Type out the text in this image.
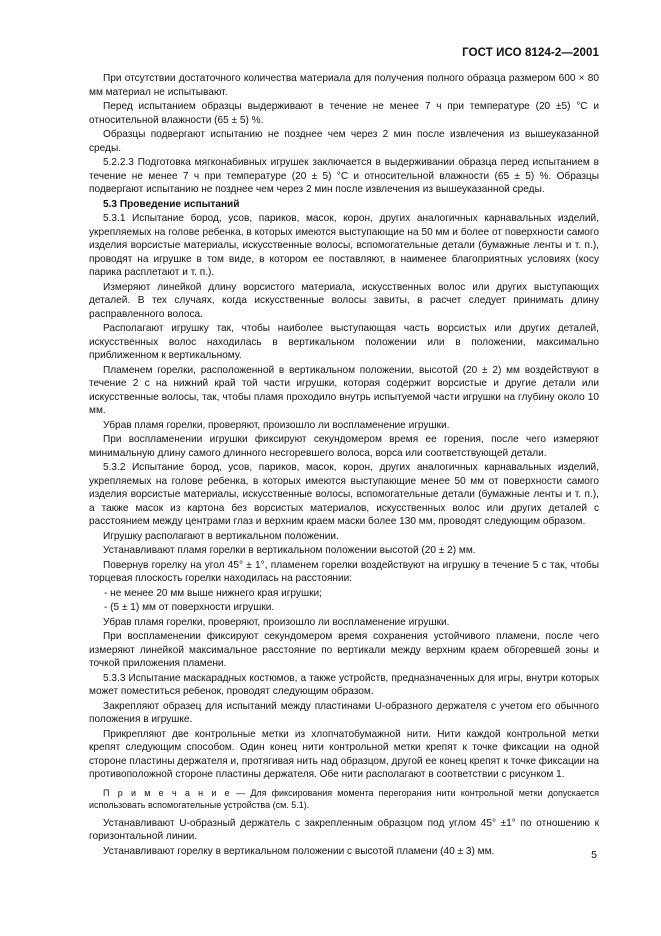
ГОСТ ИСО 8124-2—2001

При отсутствии достаточного количества материала для получения полного образца размером 600 × 80 мм материал не испытывают.

Перед испытанием образцы выдерживают в течение не менее 7 ч при температуре (20 ±5) °С и относительной влажности (65 ± 5) %.

Образцы подвергают испытанию не позднее чем через 2 мин после извлечения из вышеуказанной среды.

5.2.2.3 Подготовка мягконабивных игрушек заключается в выдерживании образца перед испытанием в течение не менее 7 ч при температуре (20 ± 5) °С и относительной влажности (65 ± 5) %. Образцы подвергают испытанию не позднее чем через 2 мин после извлечения из вышеуказанной среды.

5.3 Проведение испытаний

5.3.1 Испытание бород, усов, париков, масок, корон, других аналогичных карнавальных изделий, укрепляемых на голове ребенка, в которых имеются выступающие на 50 мм и более от поверхности самого изделия ворсистые материалы, искусственные волосы, вспомогательные детали (бумажные ленты и т. п.), проводят на игрушке в том виде, в котором ее поставляют, в наименее благоприятных условиях (косу парика расплетают и т. п.).

Измеряют линейкой длину ворсистого материала, искусственных волос или других выступающих деталей. В тех случаях, когда искусственные волосы завиты, в расчет следует принимать длину расправленного волоса.

Располагают игрушку так, чтобы наиболее выступающая часть ворсистых или других деталей, искусственных волос находилась в вертикальном положении или в положении, максимально приближенном к вертикальному.

Пламенем горелки, расположенной в вертикальном положении, высотой (20 ± 2) мм воздействуют в течение 2 с на нижний край той части игрушки, которая содержит ворсистые и другие детали или искусственные волосы, так, чтобы пламя проходило внутрь испытуемой части игрушки на глубину около 10 мм.

Убрав пламя горелки, проверяют, произошло ли воспламенение игрушки.

При воспламенении игрушки фиксируют секундомером время ее горения, после чего измеряют минимальную длину самого длинного несгоревшего волоса, ворса или соответствующей детали.

5.3.2 Испытание бород, усов, париков, масок, корон, других аналогичных карнавальных изделий, укрепляемых на голове ребенка, в которых имеются выступающие менее 50 мм от поверхности самого изделия ворсистые материалы, искусственные волосы, вспомогательные детали (бумажные ленты и т. п.), а также масок из картона без ворсистых материалов, искусственных волос или других деталей с расстоянием между центрами глаз и верхним краем маски более 130 мм, проводят следующим образом.

Игрушку располагают в вертикальном положении.

Устанавливают пламя горелки в вертикальном положении высотой (20 ± 2) мм.

Повернув горелку на угол 45° ± 1°, пламенем горелки воздействуют на игрушку в течение 5 с так, чтобы торцевая плоскость горелки находилась на расстоянии:

- не менее 20 мм выше нижнего края игрушки;

- (5 ± 1) мм от поверхности игрушки.

Убрав пламя горелки, проверяют, произошло ли воспламенение игрушки.

При воспламенении фиксируют секундомером время сохранения устойчивого пламени, после чего измеряют линейкой максимальное расстояние по вертикали между верхним краем обгоревшей зоны и точкой приложения пламени.

5.3.3 Испытание маскарадных костюмов, а также устройств, предназначенных для игры, внутри которых может поместиться ребенок, проводят следующим образом.

Закрепляют образец для испытаний между пластинами U-образного держателя с учетом его обычного положения в игрушке.

Прикрепляют две контрольные метки из хлопчатобумажной нити. Нити каждой контрольной метки крепят следующим способом. Один конец нити контрольной метки крепят к точке фиксации на одной стороне пластины держателя и, протягивая нить над образцом, другой ее конец крепят к точке фиксации на противоположной стороне пластины держателя. Обе нити располагают в соответствии с рисунком 1.

П р и м е ч а н и е — Для фиксирования момента перегорания нити контрольной метки допускается использовать вспомогательные устройства (см. 5.1).

Устанавливают U-образный держатель с закрепленным образцом под углом 45° ±1° по отношению к горизонтальной линии.

Устанавливают горелку в вертикальном положении с высотой пламени (40 ± 3) мм.	5
